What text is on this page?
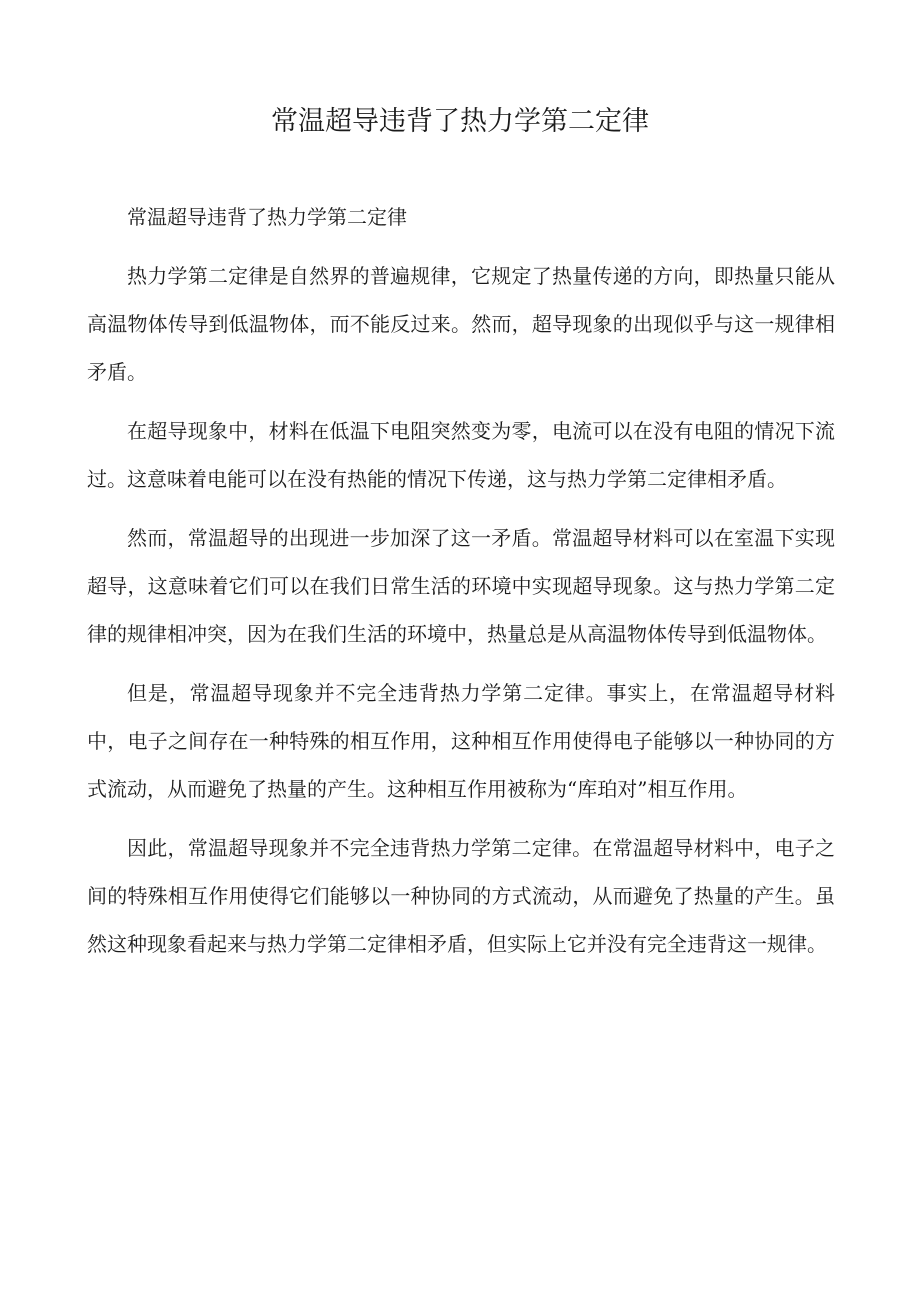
常温超导违背了热力学第二定律

常温超导违背了热力学第二定律

热力学第二定律是自然界的普遍规律，它规定了热量传递的方向，即热量只能从高温物体传导到低温物体，而不能反过来。然而，超导现象的出现似乎与这一规律相矛盾。

在超导现象中，材料在低温下电阻突然变为零，电流可以在没有电阻的情况下流过。这意味着电能可以在没有热能的情况下传递，这与热力学第二定律相矛盾。

然而，常温超导的出现进一步加深了这一矛盾。常温超导材料可以在室温下实现超导，这意味着它们可以在我们日常生活的环境中实现超导现象。这与热力学第二定律的规律相冲突，因为在我们生活的环境中，热量总是从高温物体传导到低温物体。

但是，常温超导现象并不完全违背热力学第二定律。事实上，在常温超导材料中，电子之间存在一种特殊的相互作用，这种相互作用使得电子能够以一种协同的方式流动，从而避免了热量的产生。这种相互作用被称为“库珀对”相互作用。

因此，常温超导现象并不完全违背热力学第二定律。在常温超导材料中，电子之间的特殊相互作用使得它们能够以一种协同的方式流动，从而避免了热量的产生。虽然这种现象看起来与热力学第二定律相矛盾，但实际上它并没有完全违背这一规律。
